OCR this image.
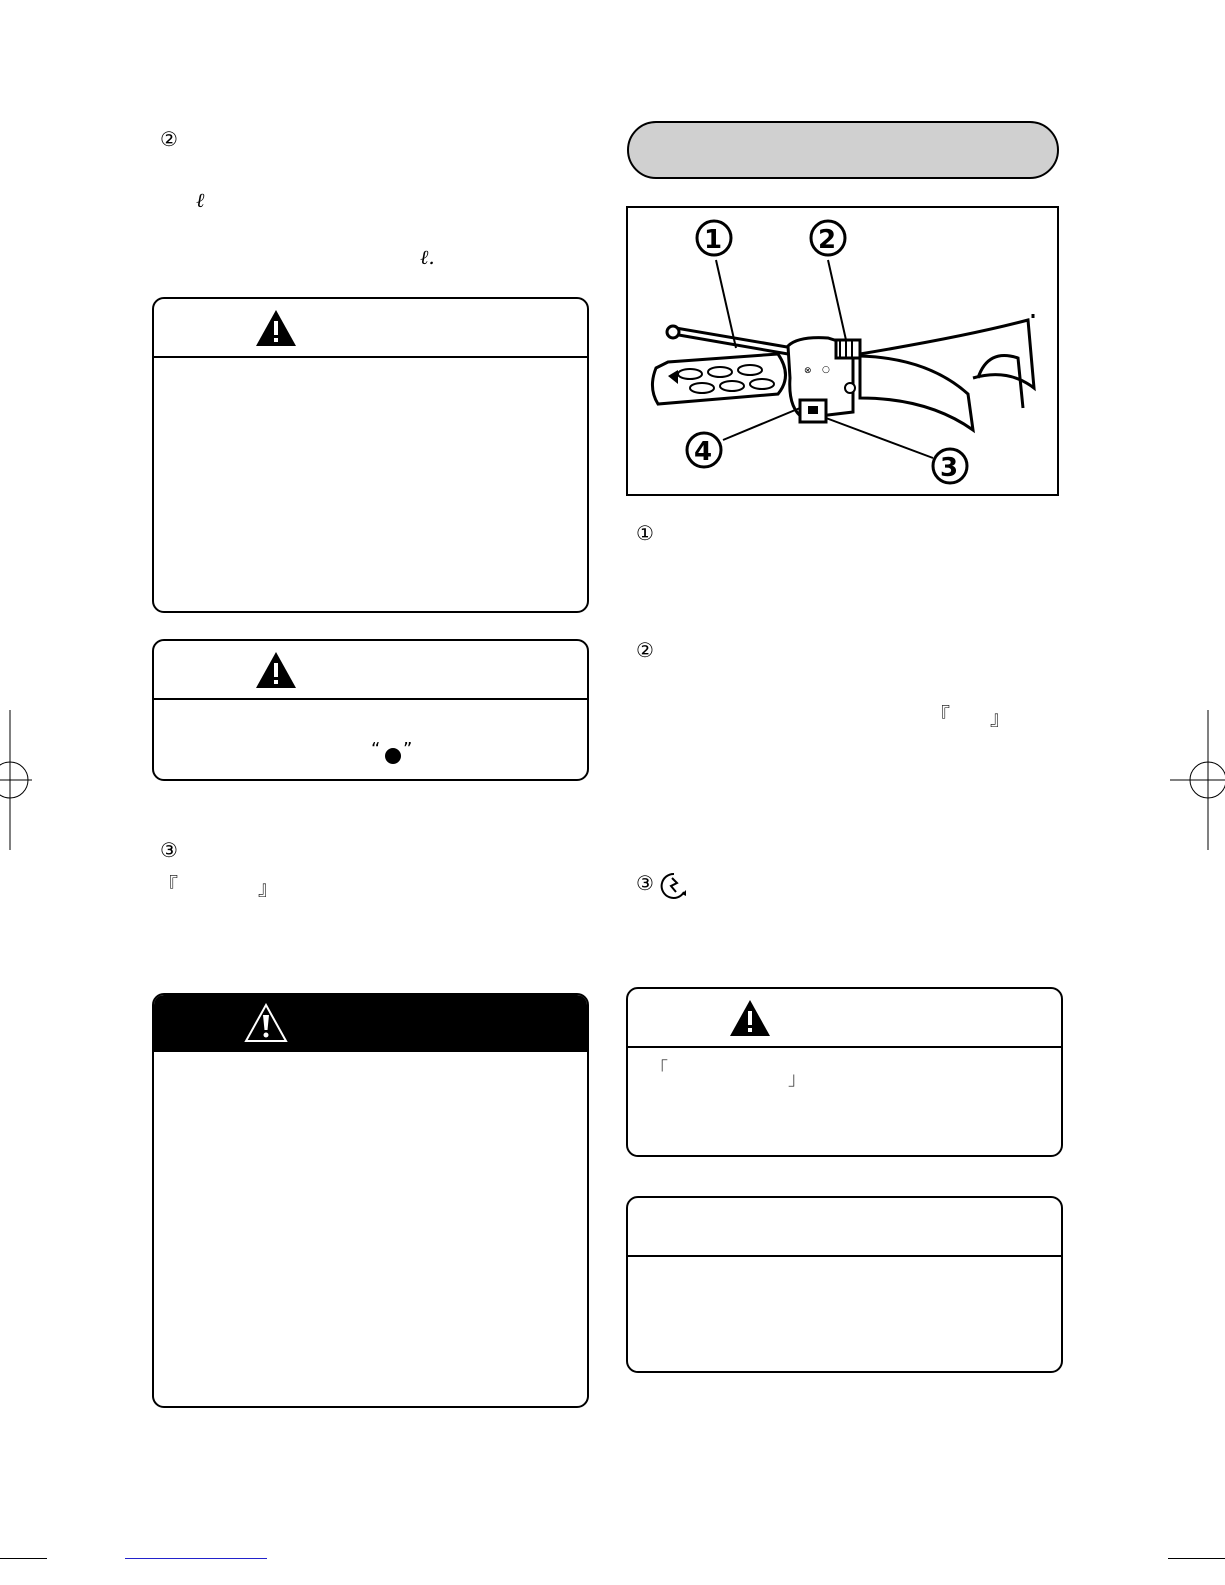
②
ℓ
ℓ.
“ ”
③
『	』
⊗ ○
1	2
3
4
①
②
『 』
③
「	」
